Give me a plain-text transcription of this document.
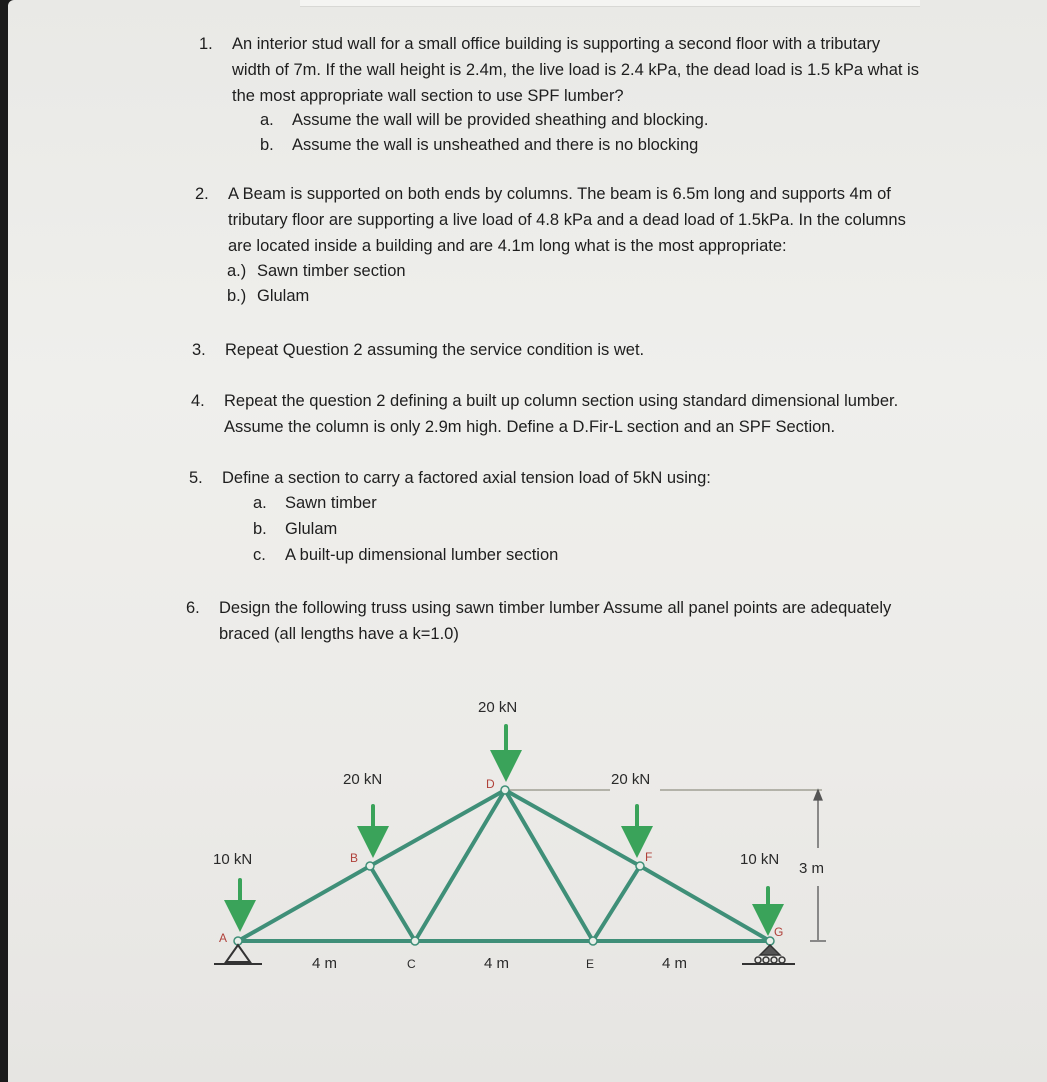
1. An interior stud wall for a small office building is supporting a second floor with a tributary
width of 7m. If the wall height is 2.4m, the live load is 2.4 kPa, the dead load is 1.5 kPa what is
the most appropriate wall section to use SPF lumber?
a. Assume the wall will be provided sheathing and blocking.
b. Assume the wall is unsheathed and there is no blocking
2. A Beam is supported on both ends by columns. The beam is 6.5m long and supports 4m of
tributary floor are supporting a live load of 4.8 kPa and a dead load of 1.5kPa. In the columns
are located inside a building and are 4.1m long what is the most appropriate:
a.) Sawn timber section
b.) Glulam
3. Repeat Question 2 assuming the service condition is wet.
4. Repeat the question 2 defining a built up column section using standard dimensional lumber.
Assume the column is only 2.9m high. Define a D.Fir-L section and an SPF Section.
5. Define a section to carry a factored axial tension load of 5kN using:
a. Sawn timber
b. Glulam
c. A built-up dimensional lumber section
6. Design the following truss using sawn timber lumber Assume all panel points are adequately
braced (all lengths have a k=1.0)
20 kN
20 kN	20 kN
10 kN	10 kN
3 m
4 m	4 m	4 m
A
B
C
D
E
F
G
